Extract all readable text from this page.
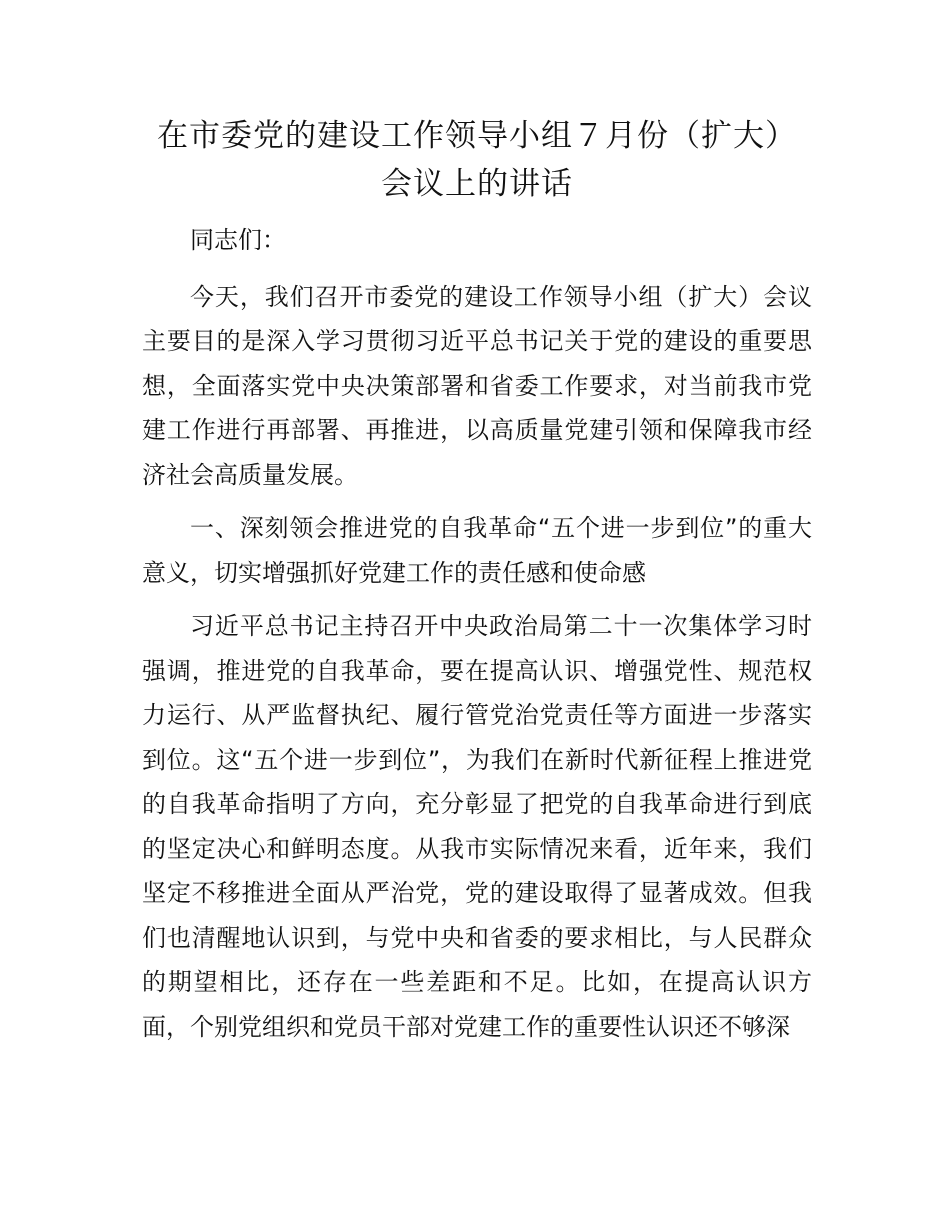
在市委党的建设工作领导小组７月份（扩大）
会议上的讲话

同志们：

今天，我们召开市委党的建设工作领导小组（扩大）会议主要目的是深入学习贯彻习近平总书记关于党的建设的重要思想，全面落实党中央决策部署和省委工作要求，对当前我市党建工作进行再部署、再推进，以高质量党建引领和保障我市经济社会高质量发展。

一、深刻领会推进党的自我革命“五个进一步到位”的重大意义，切实增强抓好党建工作的责任感和使命感

习近平总书记主持召开中央政治局第二十一次集体学习时强调，推进党的自我革命，要在提高认识、增强党性、规范权力运行、从严监督执纪、履行管党治党责任等方面进一步落实到位。这“五个进一步到位”，为我们在新时代新征程上推进党的自我革命指明了方向，充分彰显了把党的自我革命进行到底的坚定决心和鲜明态度。从我市实际情况来看，近年来，我们坚定不移推进全面从严治党，党的建设取得了显著成效。但我们也清醒地认识到，与党中央和省委的要求相比，与人民群众的期望相比，还存在一些差距和不足。比如，在提高认识方面，个别党组织和党员干部对党建工作的重要性认识还不够深
